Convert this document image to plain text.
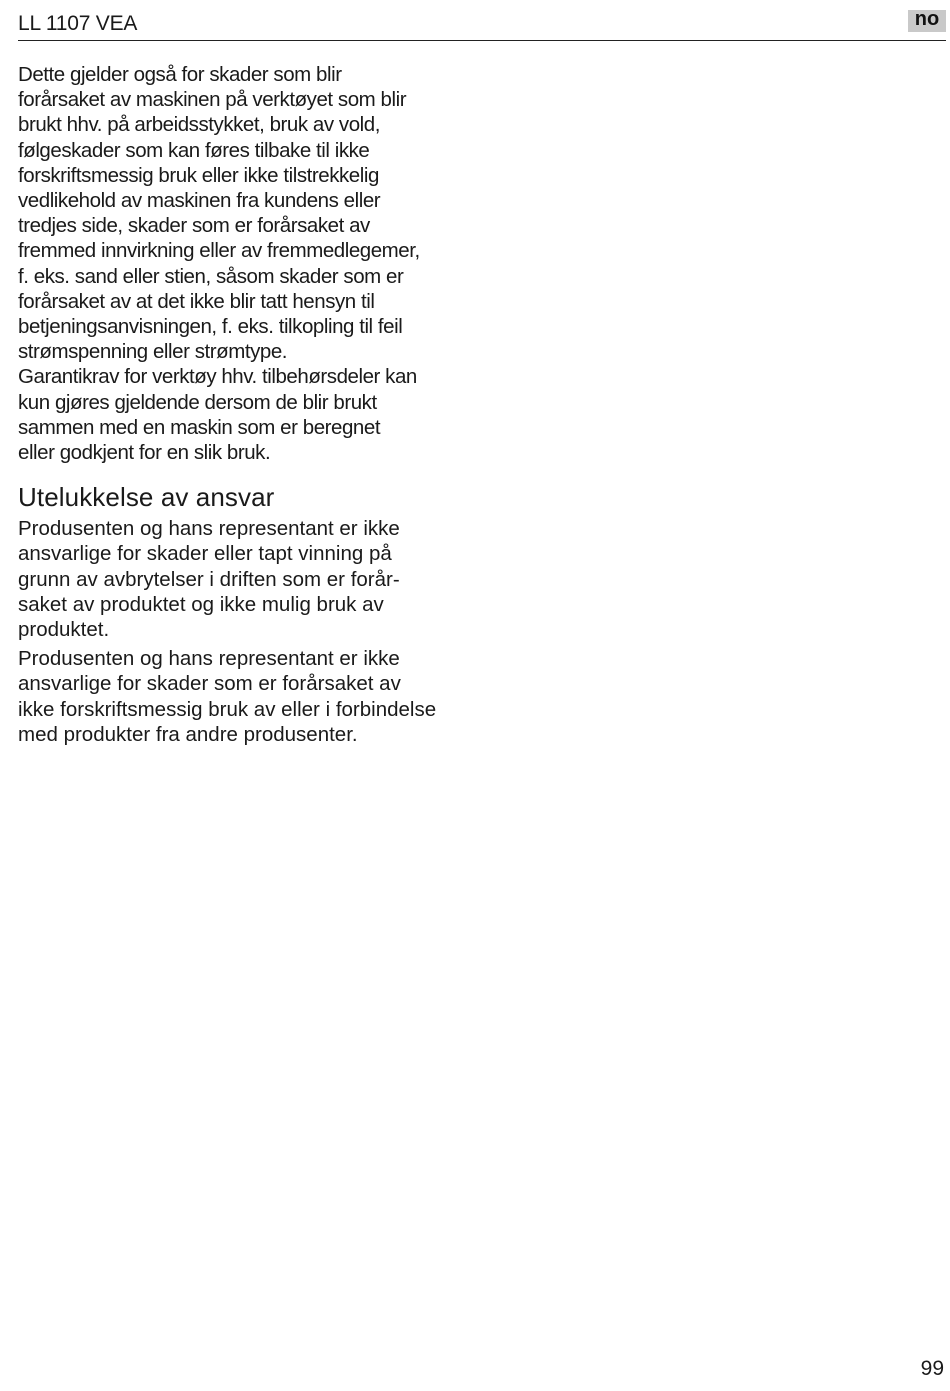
LL 1107 VEA	no

Dette gjelder også for skader som blir
forårsaket av maskinen på verktøyet som blir
brukt hhv. på arbeidsstykket, bruk av vold,
følgeskader som kan føres tilbake til ikke
forskriftsmessig bruk eller ikke tilstrekkelig
vedlikehold av maskinen fra kundens eller
tredjes side, skader som er forårsaket av
fremmed innvirkning eller av fremmedlegemer,
f. eks. sand eller stien, såsom skader som er
forårsaket av at det ikke blir tatt hensyn til
betjeningsanvisningen, f. eks. tilkopling til feil
strømspenning eller strømtype.

Garantikrav for verktøy hhv. tilbehørsdeler kan
kun gjøres gjeldende dersom de blir brukt
sammen med en maskin som er beregnet
eller godkjent for en slik bruk.

Utelukkelse av ansvar

Produsenten og hans representant er ikke
ansvarlige for skader eller tapt vinning på
grunn av avbrytelser i driften som er forår-
saket av produktet og ikke mulig bruk av
produktet.

Produsenten og hans representant er ikke
ansvarlige for skader som er forårsaket av
ikke forskriftsmessig bruk av eller i forbindelse
med produkter fra andre produsenter.

99
